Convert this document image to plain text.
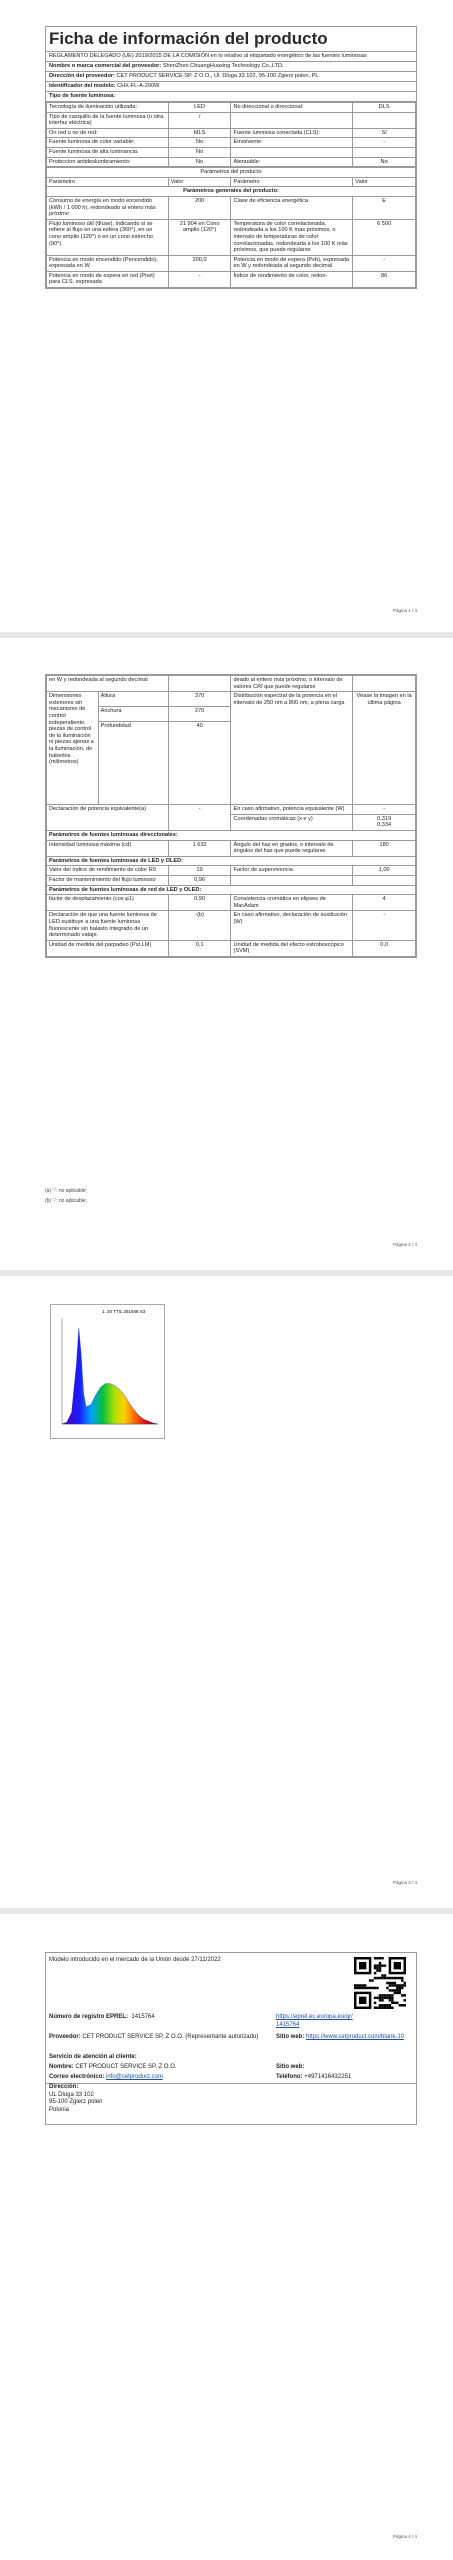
Ficha de información del producto
REGLAMENTO DELEGADO (UE) 2019/2015 DE LA COMISIÓN en lo relativo al etiquetado energético de las fuentes luminosas
Nombre o marca comercial del proveedor: ShenZhen ChuangHuaxing Technology Co.,LTD.
Dirección del proveedor: CET PRODUCT SERVICE SP. Z O.O., Ul. Dluga 33 102, 95-100 Zgierz polen, PL
Identificador del modelo: CHX-FL-A-200W
Tipo de fuente luminosa:
Tecnología de iluminación utilizada:	LED	No direccional o direccional:	DLS
Tipo de casquillo de la fuente luminosa (o otra interfaz eléctrica)	/		
On red u no de red:	MLS	Fuente luminosa conectada (CLS):	Sí
Fuente luminosa de color variable:	No	Envolvente:	-
Fuente luminosa de alta luminancia:	No		
Proteccion antideslumbramiento:	No	Atenuable:	No
Parámetros del producto			
Parámetro	Valor	Parámetro	Valor
Parámetros generales del producto:			
Consumo de energía en modo encendido (kWh / 1 000 h), redondeado al entero más próximo	200	Clase de eficiencia energética	E
Flujo luminoso útil (Φuse), indicando si se refiere al flujo en una esfera (360°), en un cono amplio (120°) o en un cono estrecho (90°)	21 904 en Cono amplio (120°)	Temperatura de color correlacionada, redondeada a los 100 K más próximos, o intervalo de temperaturas de color correlacionadas, redondeada a los 100 K más próximos, que puede regularse	6 500
Potencia en modo encendido (Pencendido), expresada en W	200,0	Potencia en modo de espera (Psb), expresada en W y redondeada al segundo decimal	-
Potencia en modo de espera en red (Pnet) para CLS, expresada	-	Índice de rendimiento de color, redon-	86
Página 1 / 4
en W y redondeada al segundo decimal			deado al entero más próximo, o intervalo de valores CRI que puede regularse	
Dimensiones exteriores sin mecanismo de control independiente, piezas de control de la iluminación ni piezas ajenas a la iluminación, de haberlos (milímetros)	Altura	370	Distribución espectral de la potencia en el intervalo de 250 nm a 800 nm, a plena carga	Véase la imagen en la última página
	Anchura	270		
	Profundidad	40		
Declaración de potencia equivalente(a)		-	En caso afirmativo, potencia equivalente (W)	-
			Coordenadas cromáticas (x e y)	0,319
0,334
Parámetros de fuentes luminosas direccionales:				
Intensidad luminosa máxima (cd)		1 632	Ángulo del haz en grados, o intervalo de ángulos del haz que puede regularse	180
Parámetros de fuentes luminosas de LED y OLED:				
Valor del índice de rendimiento de color R9		19	Factor de supervivencia	1,00
Factor de mantenimiento del flujo luminoso		0,96		
Parámetros de fuentes luminosas de red de LED y OLED:				
factor de desplazamiento (cos φ1)		0,90	Consistencia cromática en elipses de MacAdam	4
Declaración de que una fuente luminosa de LED sustituye a una fuente luminosa fluorescente sin balasto integrado de un determinado vataje.		-(b)	En caso afirmativo, declaración de sustitución (W)	-
Unidad de medida del parpadeo (Pst LM)		0,1	Unidad de medida del efecto estroboscópico (SVM)	0,0
(a) '-': no aplicable;
(b) '-': no aplicable;
Página 2 / 4
1. 20 TTIL 251948 S3
Página 3 / 4
Modelo introducido en el mercado de la Unión desde 27/11/2022
Número de registro EPREL: 1415764	https://eprel.ec.europa.eu/qr/1415764
Proveedor: CET PRODUCT SERVICE SP. Z O.O. (Representante autorizado)	Sitio web: https://www.cetproduct.com/blank-10
Servicio de atención al cliente:
Nombre: CET PRODUCT SERVICE SP. Z O.O.	Sitio web:
Correo electrónico: info@cetproduct.com	Teléfono: +4971416432251
Dirección:
UL Dluga 33 102
95-100 Zgierz polen
Polonia
Página 4 / 4
